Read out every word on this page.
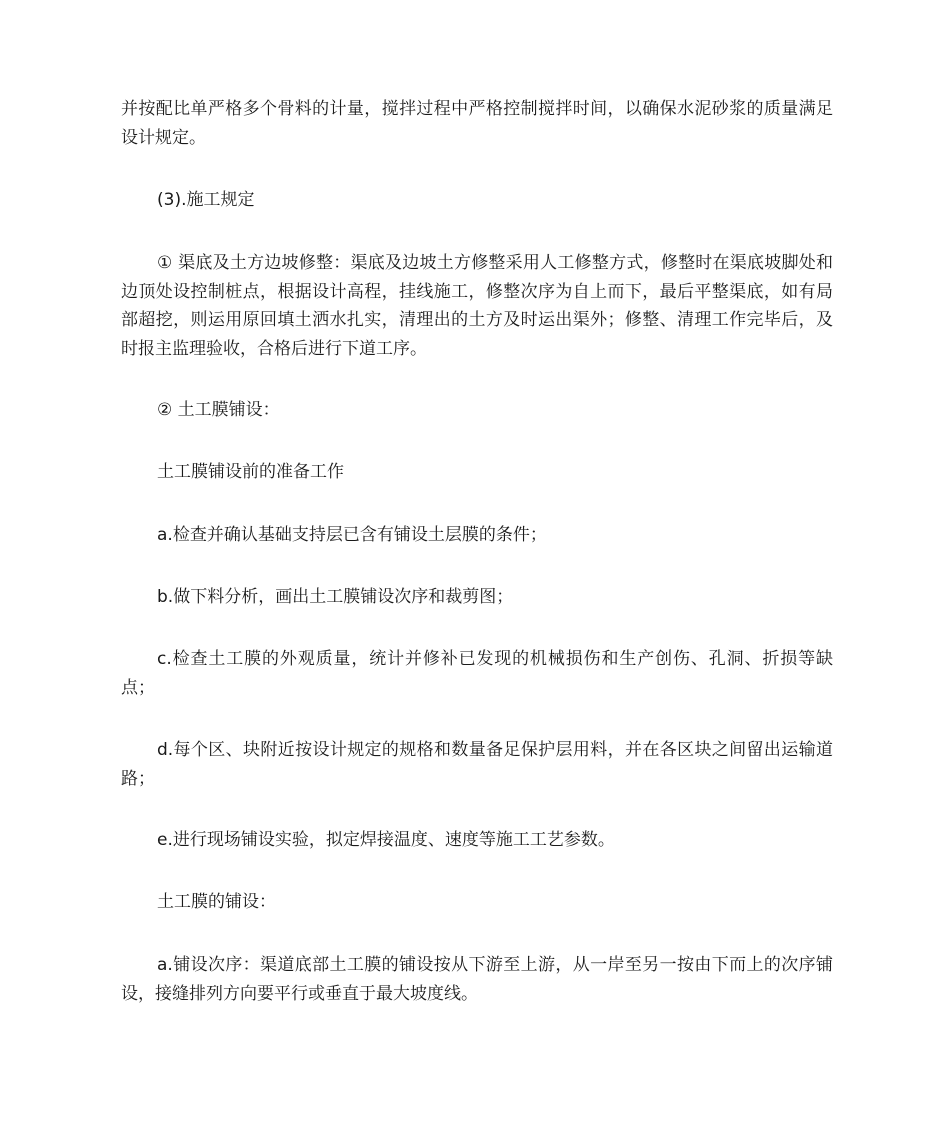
并按配比单严格多个骨料的计量，搅拌过程中严格控制搅拌时间，以确保水泥砂浆的质量满足设计规定。

(3).施工规定

① 渠底及土方边坡修整：渠底及边坡土方修整采用人工修整方式，修整时在渠底坡脚处和边顶处设控制桩点，根据设计高程，挂线施工，修整次序为自上而下，最后平整渠底，如有局部超挖，则运用原回填土洒水扎实，清理出的土方及时运出渠外；修整、清理工作完毕后，及时报主监理验收，合格后进行下道工序。

② 土工膜铺设：

土工膜铺设前的准备工作

a.检查并确认基础支持层已含有铺设土层膜的条件；

b.做下料分析，画出土工膜铺设次序和裁剪图；

c.检查土工膜的外观质量，统计并修补已发现的机械损伤和生产创伤、孔洞、折损等缺点；

d.每个区、块附近按设计规定的规格和数量备足保护层用料，并在各区块之间留出运输道路；

e.进行现场铺设实验，拟定焊接温度、速度等施工工艺参数。

土工膜的铺设：

a.铺设次序：渠道底部土工膜的铺设按从下游至上游，从一岸至另一按由下而上的次序铺设，接缝排列方向要平行或垂直于最大坡度线。
